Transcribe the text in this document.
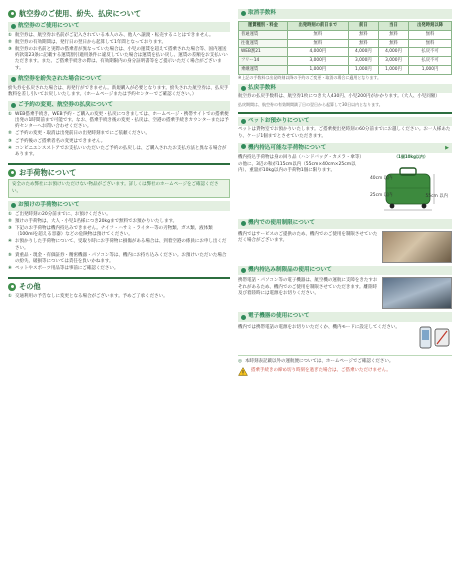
航空券のご使用、紛失、払戻について
航空券のご使用について
① 航空券は、航空券お名前がご記入されている本人のみ、他人へ譲渡・転売することはできません。
② 航空券の有効期間は、発行日の翌日から起算して1年間となっております。
③ 航空券のお名前と実際の搭乗者が異なっていた場合は、小児の運賃を超えて搭乗された場合等、国内運送約款第23条に記載する運賃割引適用条件に違反していた場合は運賃を払い戻し、運賃の差額をお支払いいただきます。また、ご搭乗手続きの際は、有効期限内の身分証明書等をご提示いただく場合がございます。
航空券を紛失された場合について
紛失券を払戻された場合は、再発行ができません。新規購入が必要となります。紛失された航空券は、払戻手数料を差し引いてお戻しいたします。（ホームページまたは予約センターでご確認ください。）
ご予約の変更、航空券の払戻について
① WEB搭乗手続き、WEB予約・ご購入の変更・払戻につきましては、ホームページ・携帯サイトでの搭乗便出発の1時間前まで可能です。なお、搭乗手続き後の変更・払戻は、空港の搭乗手続きカウンターまたは予約センターへお問い合わせください。
② ご予約の変更・取消は出発前日の出発時刻までにご依頼ください。
③ ご予約後のご搭乗者名の変更はできません。
④ コンビニエンスストアでお支払いいただいたご予約の払戻しは、ご購入されたお支払方法と異なる場合があります。
お手荷物について
安全のため弊社にお預けいただけない物品がございます。詳しくは弊社のホームページをご確認ください。
お預けの手荷物について
① ご出発時刻の20分前までに、お預けください。
② 預けの手荷物は、大人・小児1名様につき20kgまで無料でお預かりいたします。
③ 下記のお手荷物は機内持込みできません。ナイフ・ハサミ・ライター等の刃物類、ガス類、液体類（100mlを超える容器）などの危険物は預けてください。
④ お預かりした手荷物について、受取り時にお手荷物に損傷がある場合は、到着空港の係員にお申し出ください。
⑤ 貴重品・現金・有価証券・精密機器・パソコン等は、機内にお持ち込みください。お預けいただいた場合の紛失、破損等については責任を負いかねます。
⑥ ペットやスポーツ用品等は事前にご確認ください。
その他
① 交通利用の予告なしに変更となる場合がございます。予めご了承ください。
取消手数料
運賃種別・料金	出発時刻の前日まで	前日	当日	出発時刻以降
普通運賃	無料	無料	無料	無料
往復運賃	無料	無料	無料	無料
WEB割21	4,000円	4,000円	4,000円	払戻不可
フリー14	3,000円	3,000円	3,000円	払戻不可
乗継運賃	1,000円	1,000円	1,000円	1,000円
※上記の手数料は出発時刻以降の予約のご変更・取消の場合に適用となります。
払戻手数料
航空券の払戻手数料は、航空券1枚につき大人430円、小児200円がかかります。（大人、小児同額）
払戻期間は、航空券の有効期間満了日の翌日から起算して30日以内となります。
ペットお預かりについて
ペットは貨物室でお預かりいたします。ご搭乗便出発時刻の60分前までにお越しください。お一人様あたり、ケージ1個までとさせていただきます。
機内持込可能な手荷物について	▶
機内持込手荷物は身の回り品（ハンドバッグ・カメラ・傘等）の他に、3辺の和が115cm以内（55cm×40cm×25cm以内）、重量が10kg以内の手荷物1個に限ります。
（1個10kg以内）
40cm 以内
25cm 以内	55cm 以内
機内での使用制限について
機内ではサービスのご提供のため、機内でのご使用を制限させていただく場合がございます。
機内持込み制限品の使用について
携帯電話・パソコン等の電子機器は、航空機の運航に支障をきたすおそれがあるため、機内でのご使用を制限させていただきます。離陸時及び着陸時には電源をお切りください。
電子機器の使用について
機内では携帯電話の電源をお切りいただくか、機内モードに設定してください。
◎ 本時刻表記載以外の運航便については、ホームページでご確認ください。
搭乗手続きの締め切り時刻を過ぎた場合は、ご搭乗いただけません。
